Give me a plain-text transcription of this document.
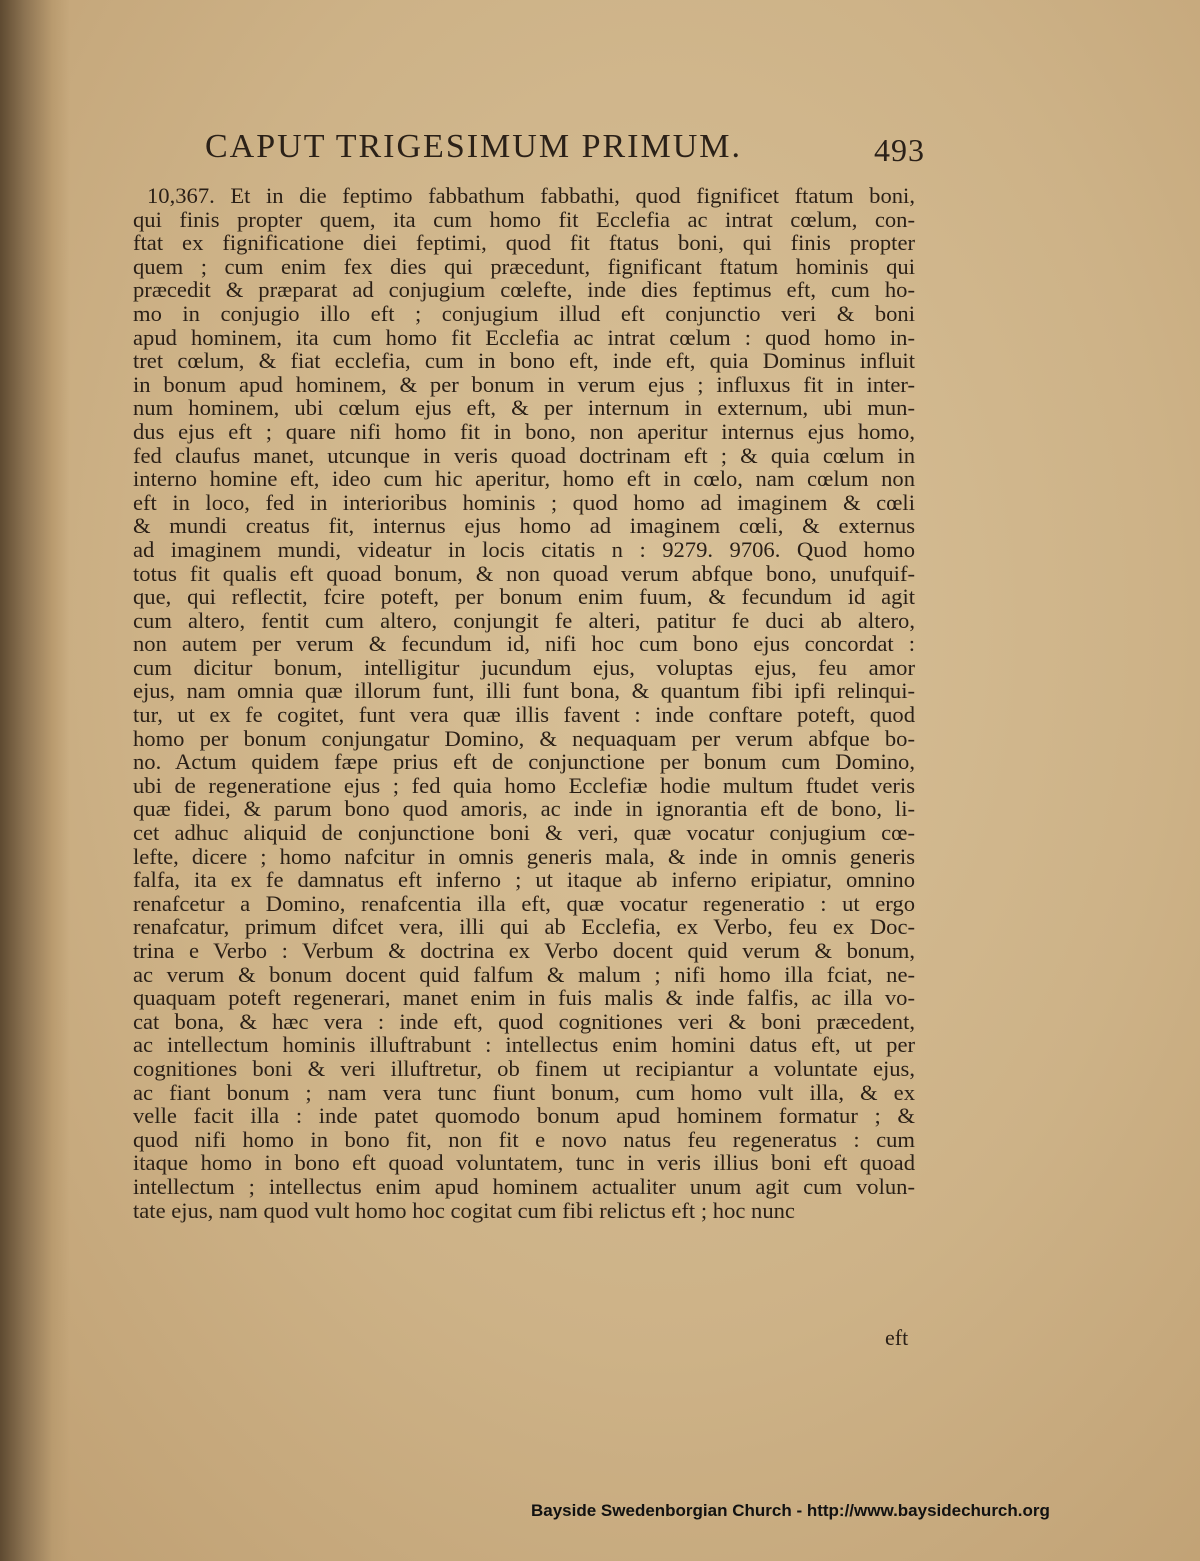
CAPUT TRIGESIMUM PRIMUM.	493
10,367. Et in die feptimo fabbathum fabbathi, quod fignificet ftatum boni,
qui finis propter quem, ita cum homo fit Ecclefia ac intrat cœlum, con-
ftat ex fignificatione diei feptimi, quod fit ftatus boni, qui finis propter
quem ; cum enim fex dies qui præcedunt, fignificant ftatum hominis qui
præcedit & præparat ad conjugium cœlefte, inde dies feptimus eft, cum ho-
mo in conjugio illo eft ; conjugium illud eft conjunctio veri & boni
apud hominem, ita cum homo fit Ecclefia ac intrat cœlum : quod homo in-
tret cœlum, & fiat ecclefia, cum in bono eft, inde eft, quia Dominus influit
in bonum apud hominem, & per bonum in verum ejus ; influxus fit in inter-
num hominem, ubi cœlum ejus eft, & per internum in externum, ubi mun-
dus ejus eft ; quare nifi homo fit in bono, non aperitur internus ejus homo,
fed claufus manet, utcunque in veris quoad doctrinam eft ; & quia cœlum in
interno homine eft, ideo cum hic aperitur, homo eft in cœlo, nam cœlum non
eft in loco, fed in interioribus hominis ; quod homo ad imaginem & cœli
& mundi creatus fit, internus ejus homo ad imaginem cœli, & externus
ad imaginem mundi, videatur in locis citatis n : 9279. 9706. Quod homo
totus fit qualis eft quoad bonum, & non quoad verum abfque bono, unufquif-
que, qui reflectit, fcire poteft, per bonum enim fuum, & fecundum id agit
cum altero, fentit cum altero, conjungit fe alteri, patitur fe duci ab altero,
non autem per verum & fecundum id, nifi hoc cum bono ejus concordat :
cum dicitur bonum, intelligitur jucundum ejus, voluptas ejus, feu amor
ejus, nam omnia quæ illorum funt, illi funt bona, & quantum fibi ipfi relinqui-
tur, ut ex fe cogitet, funt vera quæ illis favent : inde conftare poteft, quod
homo per bonum conjungatur Domino, & nequaquam per verum abfque bo-
no. Actum quidem fæpe prius eft de conjunctione per bonum cum Domino,
ubi de regeneratione ejus ; fed quia homo Ecclefiæ hodie multum ftudet veris
quæ fidei, & parum bono quod amoris, ac inde in ignorantia eft de bono, li-
cet adhuc aliquid de conjunctione boni & veri, quæ vocatur conjugium cœ-
lefte, dicere ; homo nafcitur in omnis generis mala, & inde in omnis generis
falfa, ita ex fe damnatus eft inferno ; ut itaque ab inferno eripiatur, omnino
renafcetur a Domino, renafcentia illa eft, quæ vocatur regeneratio : ut ergo
renafcatur, primum difcet vera, illi qui ab Ecclefia, ex Verbo, feu ex Doc-
trina e Verbo : Verbum & doctrina ex Verbo docent quid verum & bonum,
ac verum & bonum docent quid falfum & malum ; nifi homo illa fciat, ne-
quaquam poteft regenerari, manet enim in fuis malis & inde falfis, ac illa vo-
cat bona, & hæc vera : inde eft, quod cognitiones veri & boni præcedent,
ac intellectum hominis illuftrabunt : intellectus enim homini datus eft, ut per
cognitiones boni & veri illuftretur, ob finem ut recipiantur a voluntate ejus,
ac fiant bonum ; nam vera tunc fiunt bonum, cum homo vult illa, & ex
velle facit illa : inde patet quomodo bonum apud hominem formatur ; &
quod nifi homo in bono fit, non fit e novo natus feu regeneratus : cum
itaque homo in bono eft quoad voluntatem, tunc in veris illius boni eft quoad
intellectum ; intellectus enim apud hominem actualiter unum agit cum volun-
tate ejus, nam quod vult homo hoc cogitat cum fibi relictus eft ; hoc nunc
eft
Bayside Swedenborgian Church - http://www.baysidechurch.org
